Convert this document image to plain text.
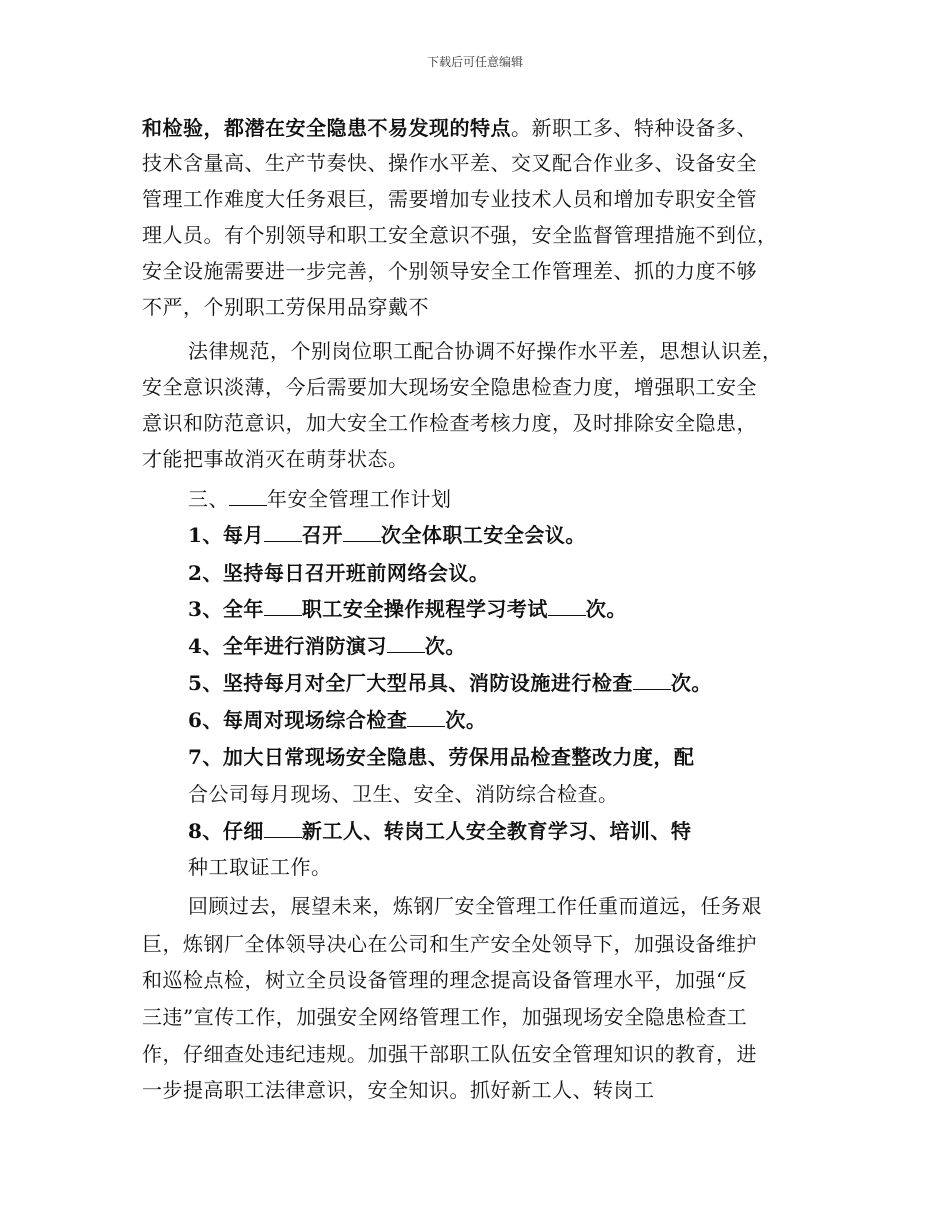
下载后可任意编辑
和检验，都潜在安全隐患不易发现的特点。新职工多、特种设备多、
技术含量高、生产节奏快、操作水平差、交叉配合作业多、设备安全
管理工作难度大任务艰巨，需要增加专业技术人员和增加专职安全管
理人员。有个别领导和职工安全意识不强，安全监督管理措施不到位，
安全设施需要进一步完善，个别领导安全工作管理差、抓的力度不够
不严，个别职工劳保用品穿戴不
法律规范，个别岗位职工配合协调不好操作水平差，思想认识差，
安全意识淡薄，今后需要加大现场安全隐患检查力度，增强职工安全
意识和防范意识，加大安全工作检查考核力度，及时排除安全隐患，
才能把事故消灭在萌芽状态。
三、 年安全管理工作计划
1、每月 召开 次全体职工安全会议。
2、坚持每日召开班前网络会议。
3、全年 职工安全操作规程学习考试 次。
4、全年进行消防演习 次。
5、坚持每月对全厂大型吊具、消防设施进行检查 次。
6、每周对现场综合检查 次。
7、加大日常现场安全隐患、劳保用品检查整改力度，配
合公司每月现场、卫生、安全、消防综合检查。
8、仔细 新工人、转岗工人安全教育学习、培训、特
种工取证工作。
回顾过去，展望未来，炼钢厂安全管理工作任重而道远，任务艰
巨，炼钢厂全体领导决心在公司和生产安全处领导下，加强设备维护
和巡检点检，树立全员设备管理的理念提高设备管理水平，加强“反
三违”宣传工作，加强安全网络管理工作，加强现场安全隐患检查工
作，仔细查处违纪违规。加强干部职工队伍安全管理知识的教育，进
一步提高职工法律意识，安全知识。抓好新工人、转岗工
